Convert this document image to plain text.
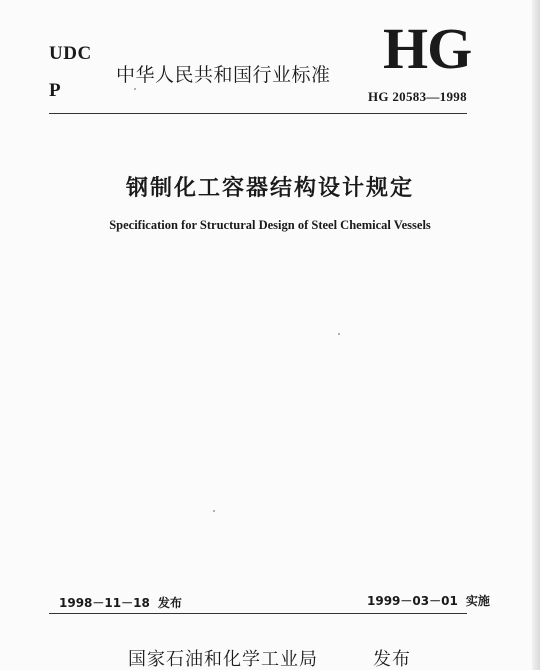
UDC
P
中华人民共和国行业标准 HG
HG 20583—1998
钢制化工容器结构设计规定
Specification for Structural Design of Steel Chemical Vessels
1998－11－18 发布	1999－03－01 实施
国家石油和化学工业局	发布
